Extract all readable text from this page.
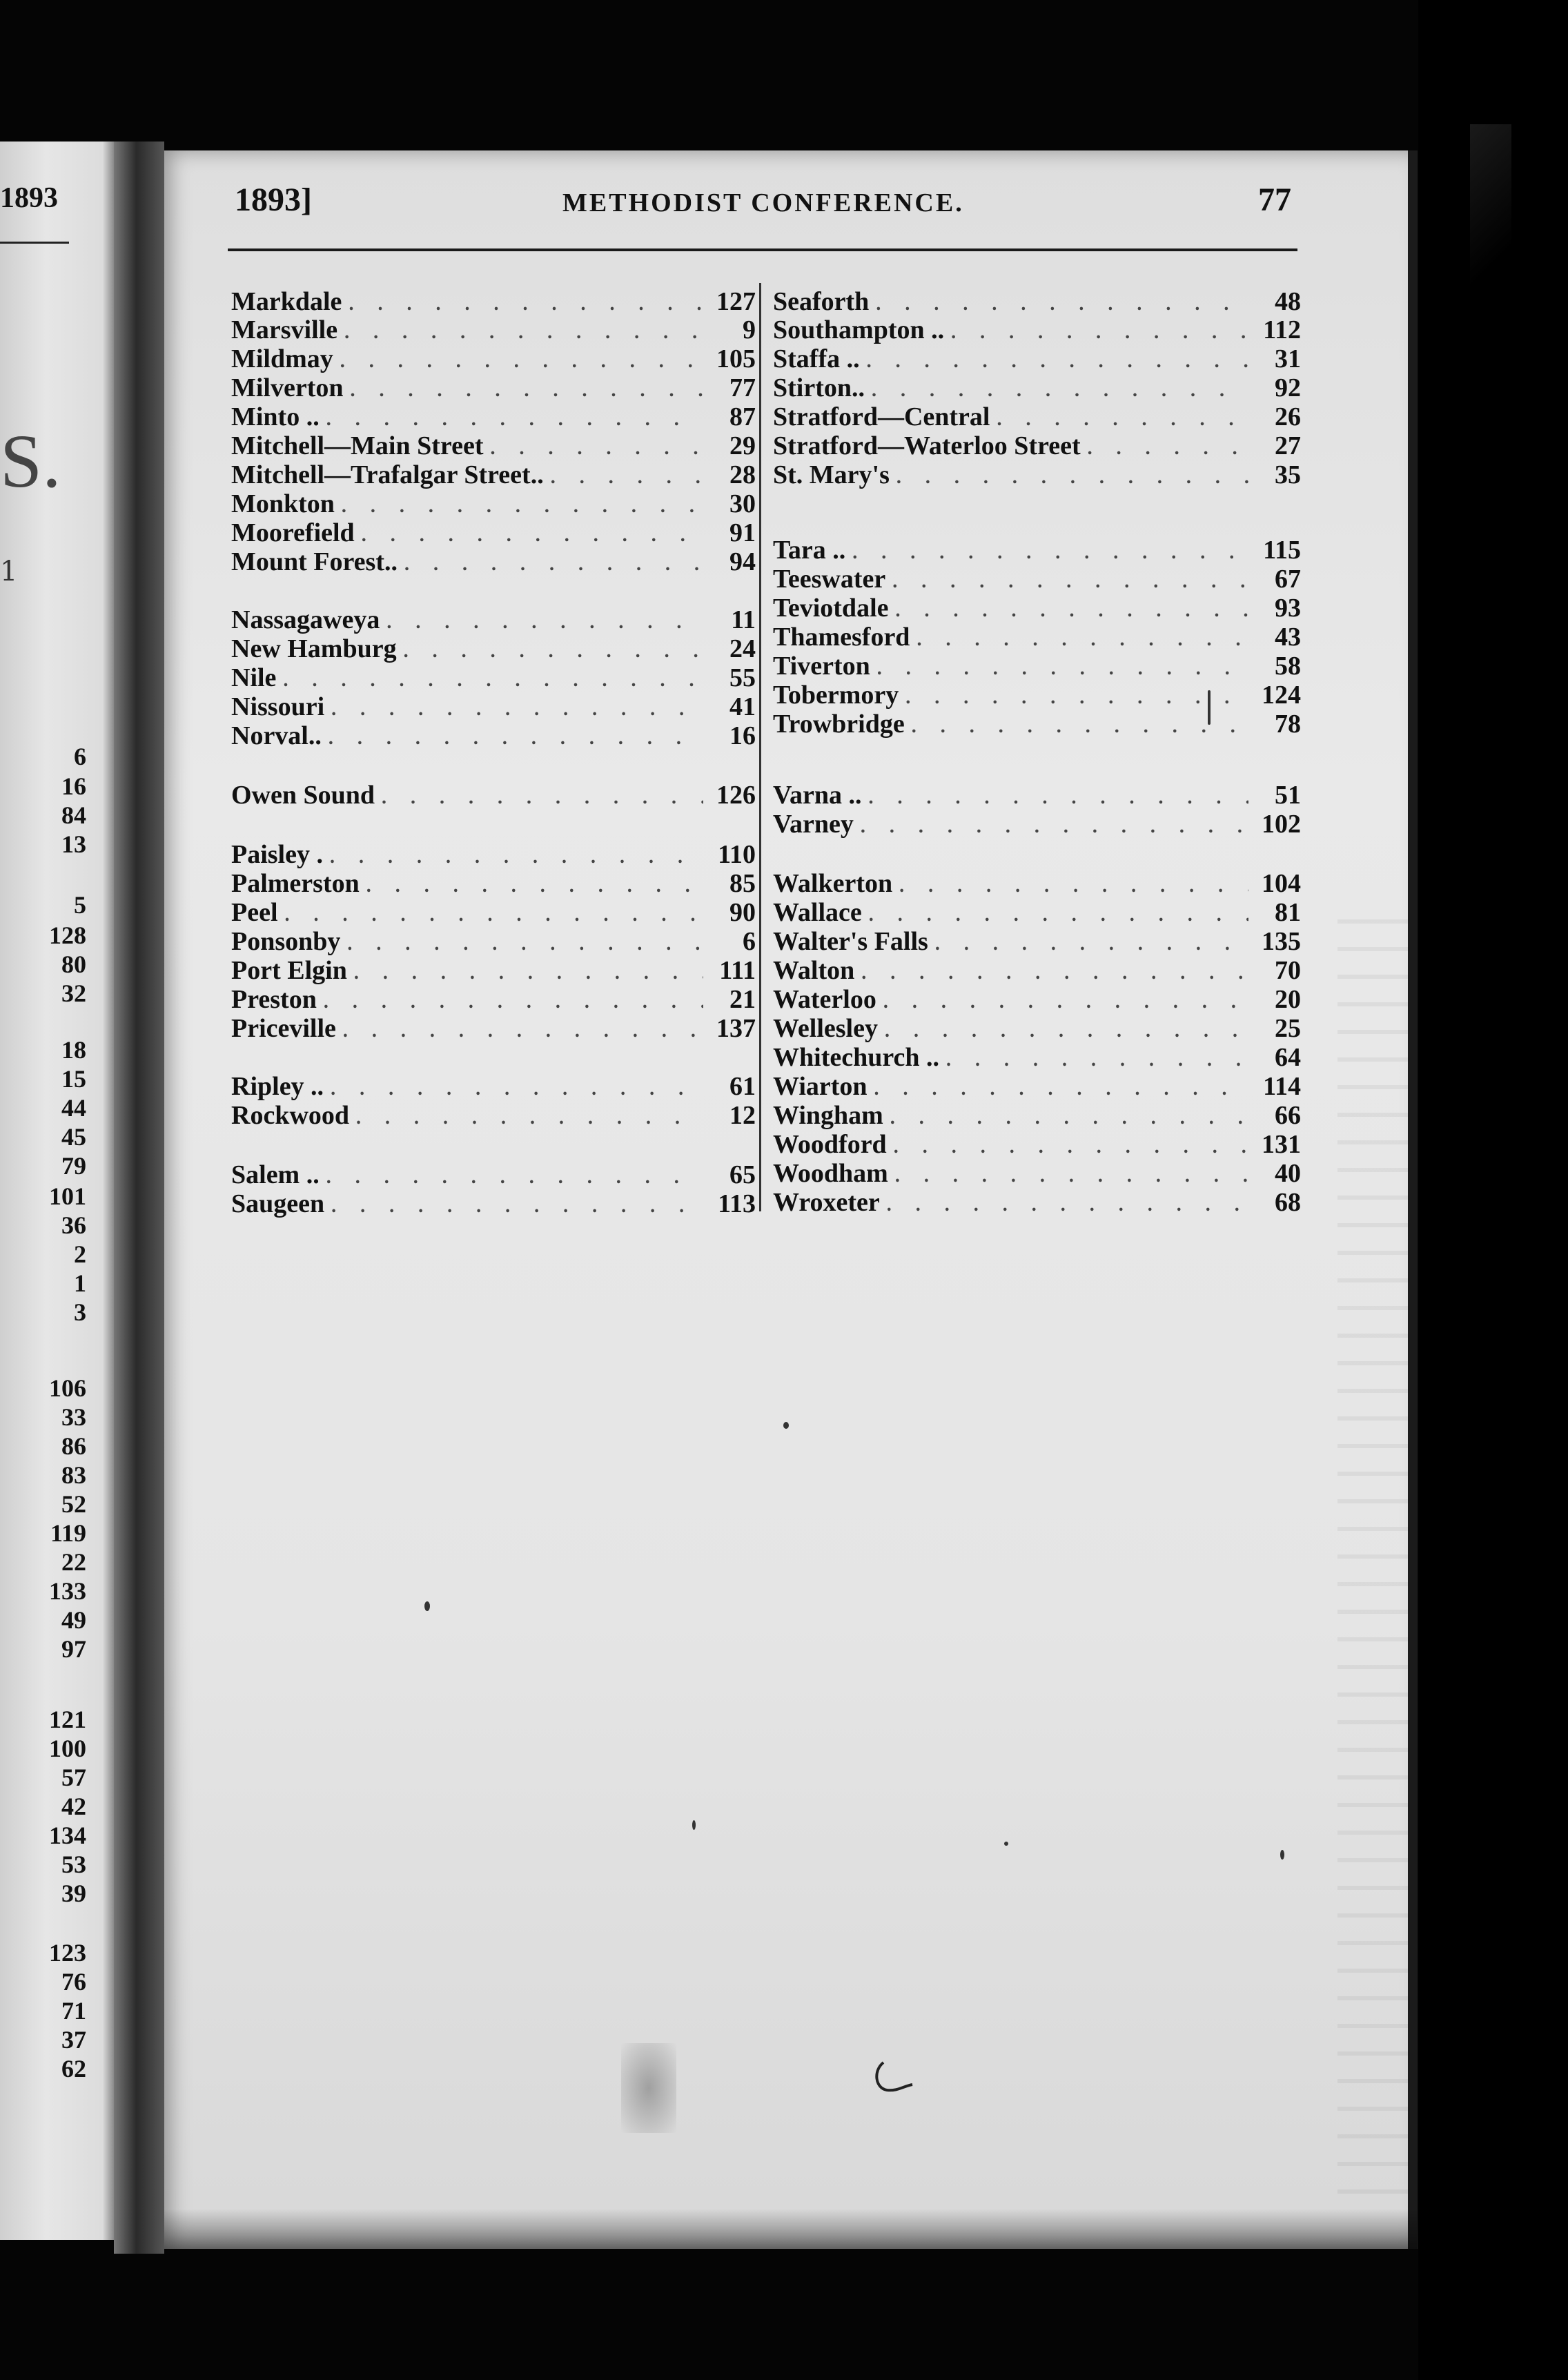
1893
S.
1
6
16
84
13
5
128
80
32
18
15
44
45
79
101
36
2
1
3
106
33
86
83
52
119
22
133
49
97
121
100
57
42
134
53
39
123
76
71
37
62
1893]	METHODIST CONFERENCE.	77
Markdale . . .	127
Marsville . . .	9
Mildmay . . .	105
Milverton . . .	77
Minto .. . . .	87
Mitchell—Main Street . . .	29
Mitchell—Trafalgar Street.. . . .	28
Monkton . . .	30
Moorefield . . .	91
Mount Forest.. . . .	94
Nassagaweya . . .	11
New Hamburg . . .	24
Nile . . .	55
Nissouri . . .	41
Norval.. . . .	16
Owen Sound . . .	126
Paisley . . . .	110
Palmerston . . .	85
Peel . . .	90
Ponsonby . . .	6
Port Elgin . . .	111
Preston . . .	21
Priceville . . .	137
Ripley .. . . .	61
Rockwood . . .	12
Salem .. . . .	65
Saugeen . . .	113
Seaforth . . .	48
Southampton .. . . .	112
Staffa .. . . .	31
Stirton.. . . .	92
Stratford—Central . . .	26
Stratford—Waterloo Street . . .	27
St. Mary's . . .	35
Tara .. . . .	115
Teeswater . . .	67
Teviotdale . . .	93
Thamesford . . .	43
Tiverton . . .	58
Tobermory . . .	124
Trowbridge . . .	78
Varna .. . . .	51
Varney . . .	102
Walkerton . . .	104
Wallace . . .	81
Walter's Falls . . .	135
Walton . . .	70
Waterloo . . .	20
Wellesley . . .	25
Whitechurch .. . . .	64
Wiarton . . .	114
Wingham . . .	66
Woodford . . .	131
Woodham . . .	40
Wroxeter . . .	68
